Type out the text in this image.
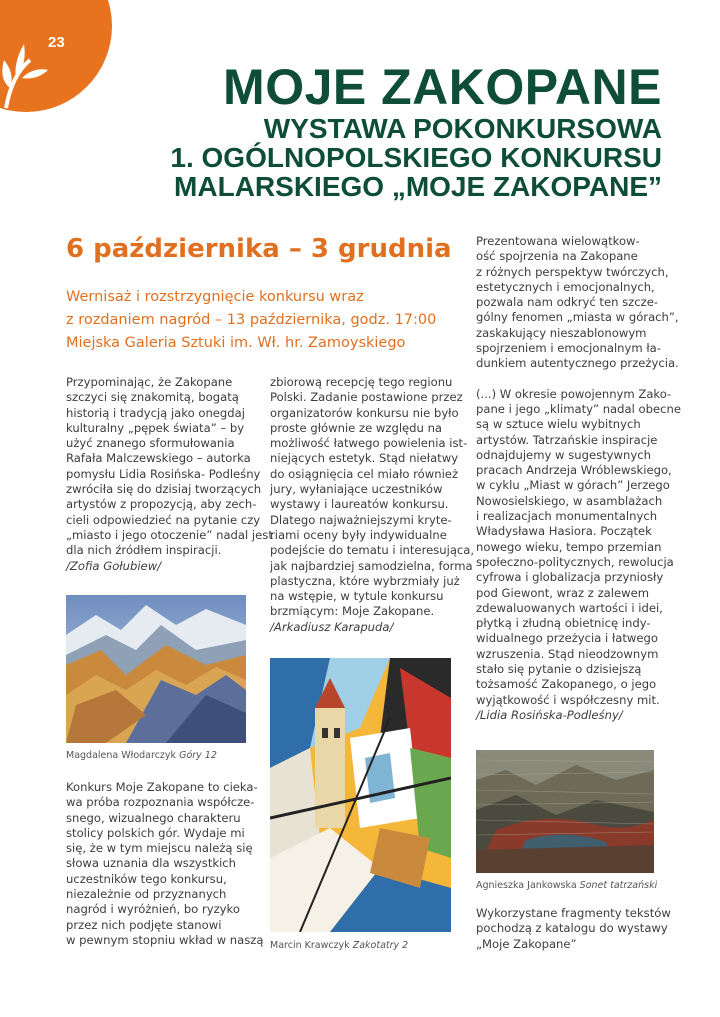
23
MOJE ZAKOPANE
WYSTAWA POKONKURSOWA
1. OGÓLNOPOLSKIEGO KONKURSU
MALARSKIEGO „MOJE ZAKOPANE”
6 października – 3 grudnia
Wernisaż i rozstrzygnięcie konkursu wraz
z rozdaniem nagród – 13 października, godz. 17:00
Miejska Galeria Sztuki im. Wł. hr. Zamoyskiego
Przypominając, że Zakopane
szczyci się znakomitą, bogatą
historią i tradycją jako onegdaj
kulturalny „pępek świata” – by
użyć znanego sformułowania
Rafała Malczewskiego – autorka
pomysłu Lidia Rosińska- Podleśny
zwróciła się do dzisiaj tworzących
artystów z propozycją, aby zech-
cieli odpowiedzieć na pytanie czy
„miasto i jego otoczenie” nadal jest
dla nich źródłem inspiracji.
/Zofia Gołubiew/
zbiorową recepcję tego regionu
Polski. Zadanie postawione przez
organizatorów konkursu nie było
proste głównie ze względu na
możliwość łatwego powielenia ist-
niejących estetyk. Stąd niełatwy
do osiągnięcia cel miało również
jury, wyłaniające uczestników
wystawy i laureatów konkursu.
Dlatego najważniejszymi kryte-
riami oceny były indywidualne
podejście do tematu i interesująca,
jak najbardziej samodzielna, forma
plastyczna, które wybrzmiały już
na wstępie, w tytule konkursu
brzmiącym: Moje Zakopane.
/Arkadiusz Karapuda/
Prezentowana wielowątkow-
ość spojrzenia na Zakopane
z różnych perspektyw twórczych,
estetycznych i emocjonalnych,
pozwala nam odkryć ten szcze-
gólny fenomen „miasta w górach”,
zaskakujący nieszablonowym
spojrzeniem i emocjonalnym ła-
dunkiem autentycznego przeżycia.
(...) W okresie powojennym Zako-
pane i jego „klimaty” nadal obecne
są w sztuce wielu wybitnych
artystów. Tatrzańskie inspiracje
odnajdujemy w sugestywnych
pracach Andrzeja Wróblewskiego,
w cyklu „Miast w górach” Jerzego
Nowosielskiego, w asamblażach
i realizacjach monumentalnych
Władysława Hasiora. Początek
nowego wieku, tempo przemian
społeczno-politycznych, rewolucja
cyfrowa i globalizacja przyniosły
pod Giewont, wraz z zalewem
zdewaluowanych wartości i idei,
płytką i złudną obietnicę indy-
widualnego przeżycia i łatwego
wzruszenia. Stąd nieodzownym
stało się pytanie o dzisiejszą
tożsamość Zakopanego, o jego
wyjątkowość i współczesny mit.
/Lidia Rosińska-Podleśny/
Konkurs Moje Zakopane to cieka-
wa próba rozpoznania współcze-
snego, wizualnego charakteru
stolicy polskich gór. Wydaje mi
się, że w tym miejscu należą się
słowa uznania dla wszystkich
uczestników tego konkursu,
niezależnie od przyznanych
nagród i wyróżnień, bo ryzyko
przez nich podjęte stanowi
w pewnym stopniu wkład w naszą
Wykorzystane fragmenty tekstów
pochodzą z katalogu do wystawy
„Moje Zakopane”
Magdalena Włodarczyk Góry 12
Marcin Krawczyk Zakotatry 2
Agnieszka Jankowska Sonet tatrzański
